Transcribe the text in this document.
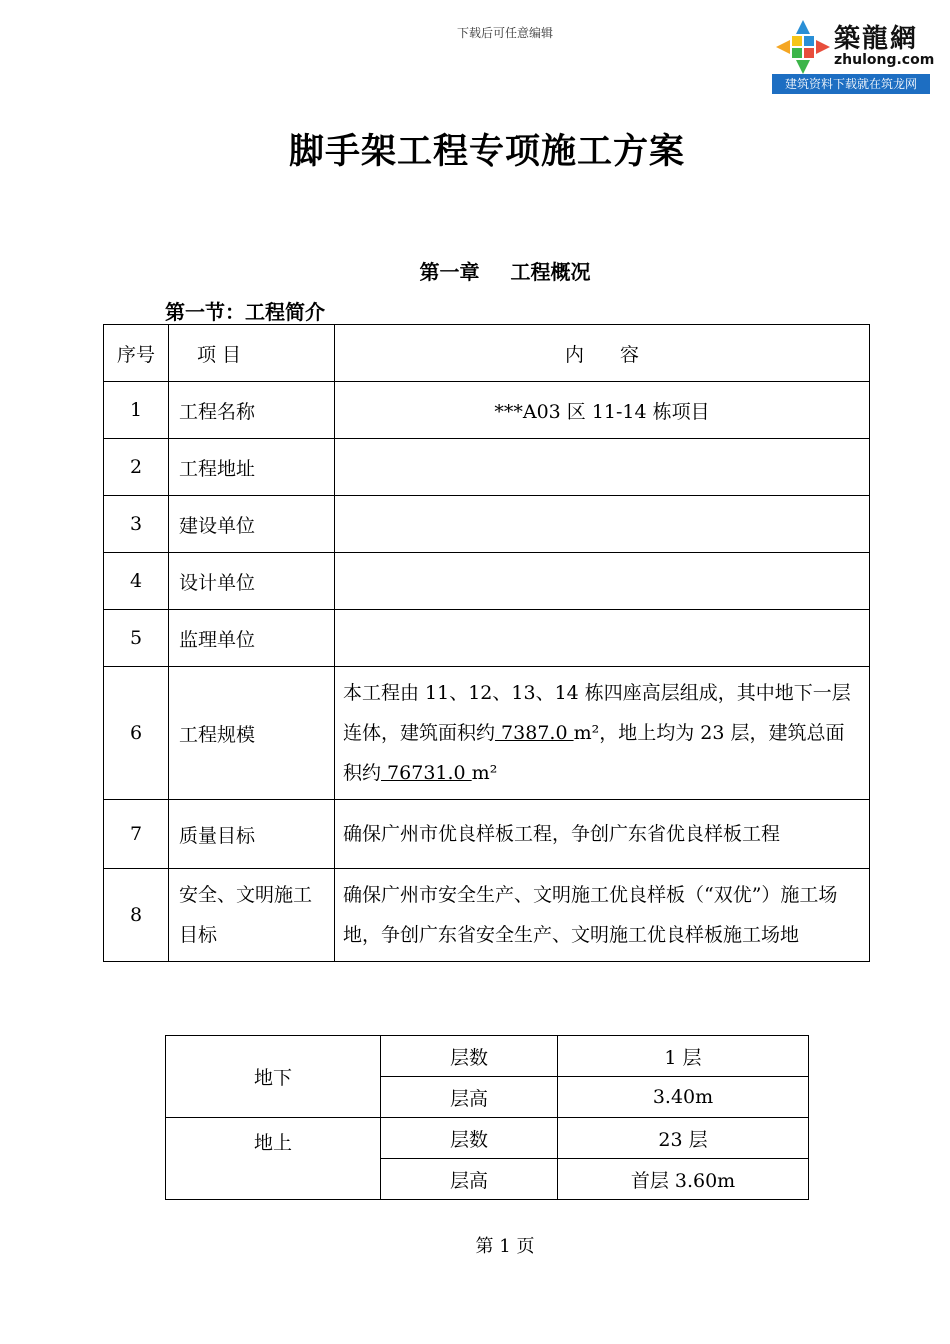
下载后可任意编辑	築龍網
zhulong.com
建筑资料下载就在筑龙网
脚手架工程专项施工方案
第一章 工程概况
第一节：工程简介
序号	项 目	内 容
1	工程名称	***A03 区 11-14 栋项目
2	工程地址	
3	建设单位	
4	设计单位	
5	监理单位	
6	工程规模	本工程由 11、12、13、14 栋四座高层组成，其中地下一层连体，建筑面积约 7387.0 m²，地上均为 23 层，建筑总面积约 76731.0 m²
7	质量目标	确保广州市优良样板工程，争创广东省优良样板工程
8	安全、文明施工目标	确保广州市安全生产、文明施工优良样板（“双优”）施工场地，争创广东省安全生产、文明施工优良样板施工场地
地下	层数	1 层
	层高	3.40m
地上	层数	23 层
	层高	首层 3.60m
第 1 页
